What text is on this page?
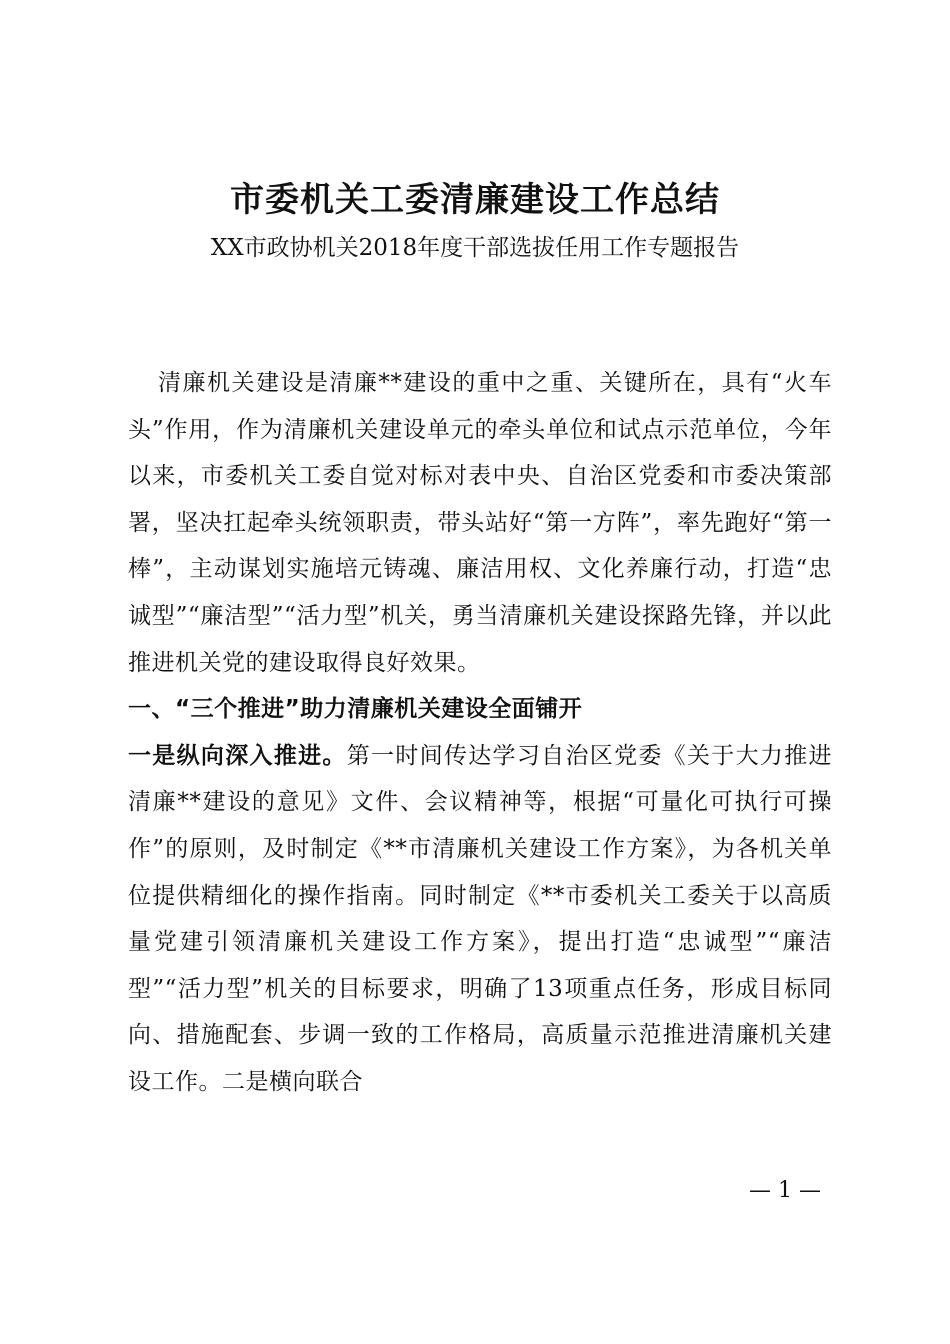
市委机关工委清廉建设工作总结
XX市政协机关2018年度干部选拔任用工作专题报告

清廉机关建设是清廉**建设的重中之重、关键所在，具有“火车头”作用，作为清廉机关建设单元的牵头单位和试点示范单位，今年以来，市委机关工委自觉对标对表中央、自治区党委和市委决策部署，坚决扛起牵头统领职责，带头站好“第一方阵”，率先跑好“第一棒”，主动谋划实施培元铸魂、廉洁用权、文化养廉行动，打造“忠诚型”“廉洁型”“活力型”机关，勇当清廉机关建设探路先锋，并以此推进机关党的建设取得良好效果。

一、“三个推进”助力清廉机关建设全面铺开

一是纵向深入推进。第一时间传达学习自治区党委《关于大力推进清廉**建设的意见》文件、会议精神等，根据“可量化可执行可操作”的原则，及时制定《**市清廉机关建设工作方案》，为各机关单位提供精细化的操作指南。同时制定《**市委机关工委关于以高质量党建引领清廉机关建设工作方案》，提出打造“忠诚型”“廉洁型”“活力型”机关的目标要求，明确了13项重点任务，形成目标同向、措施配套、步调一致的工作格局，高质量示范推进清廉机关建设工作。二是横向联合

— 1 —
